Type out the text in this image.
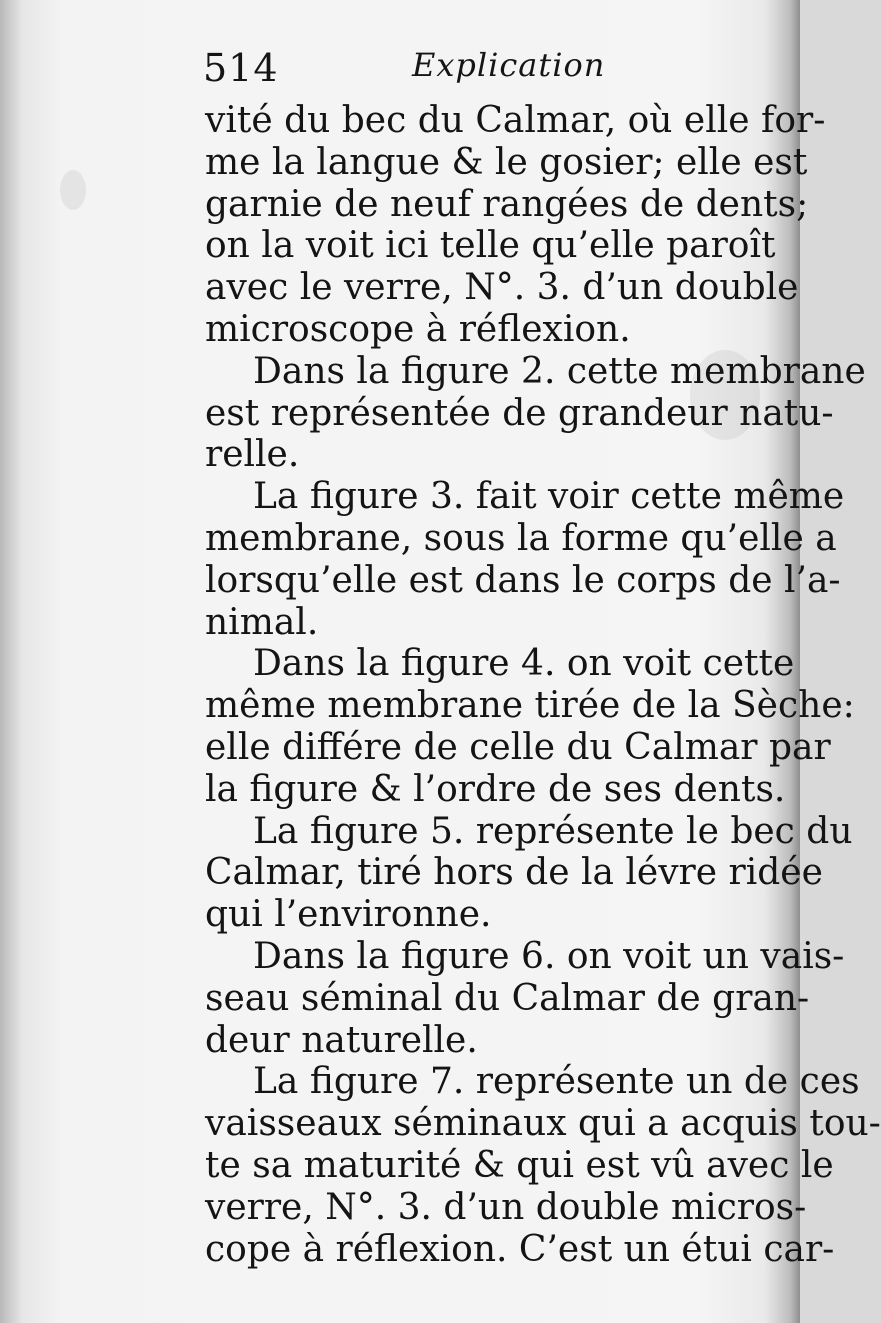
514	Explication
vité du bec du Calmar, où elle for-
me la langue & le gosier; elle est
garnie de neuf rangées de dents;
on la voit ici telle qu’elle paroît
avec le verre, N°. 3. d’un double
microscope à réflexion.
Dans la figure 2. cette membrane
est représentée de grandeur natu-
relle.
La figure 3. fait voir cette même
membrane, sous la forme qu’elle a
lorsqu’elle est dans le corps de l’a-
nimal.
Dans la figure 4. on voit cette
même membrane tirée de la Sèche:
elle différe de celle du Calmar par
la figure & l’ordre de ses dents.
La figure 5. représente le bec du
Calmar, tiré hors de la lévre ridée
qui l’environne.
Dans la figure 6. on voit un vais-
seau séminal du Calmar de gran-
deur naturelle.
La figure 7. représente un de ces
vaisseaux séminaux qui a acquis tou-
te sa maturité & qui est vû avec le
verre, N°. 3. d’un double micros-
cope à réflexion. C’est un étui car-
